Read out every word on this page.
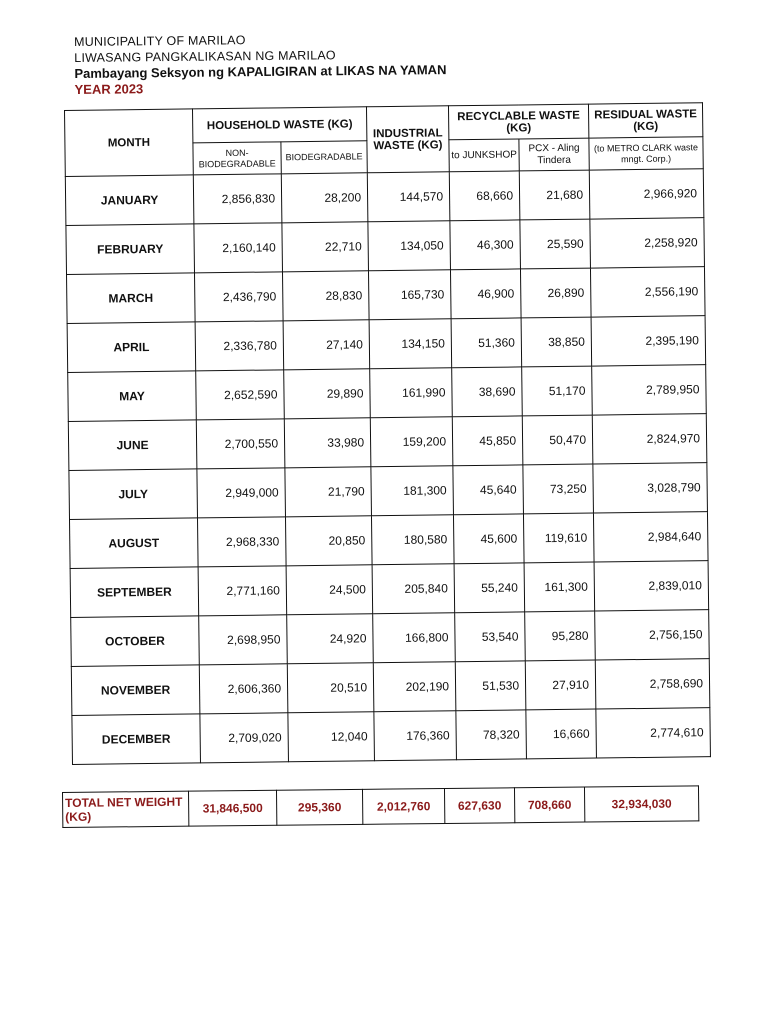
MUNICIPALITY OF MARILAO
LIWASANG PANGKALIKASAN NG MARILAO
Pambayang Seksyon ng KAPALIGIRAN at LIKAS NA YAMAN
YEAR 2023
MONTH	HOUSEHOLD WASTE (KG)		INDUSTRIAL WASTE (KG)	RECYCLABLE WASTE (KG)		RESIDUAL WASTE (KG)
	NON-BIODEGRADABLE	BIODEGRADABLE		to JUNKSHOP	PCX - Aling Tindera	(to METRO CLARK waste mngt. Corp.)
JANUARY	2,856,830	28,200	144,570	68,660	21,680	2,966,920
FEBRUARY	2,160,140	22,710	134,050	46,300	25,590	2,258,920
MARCH	2,436,790	28,830	165,730	46,900	26,890	2,556,190
APRIL	2,336,780	27,140	134,150	51,360	38,850	2,395,190
MAY	2,652,590	29,890	161,990	38,690	51,170	2,789,950
JUNE	2,700,550	33,980	159,200	45,850	50,470	2,824,970
JULY	2,949,000	21,790	181,300	45,640	73,250	3,028,790
AUGUST	2,968,330	20,850	180,580	45,600	119,610	2,984,640
SEPTEMBER	2,771,160	24,500	205,840	55,240	161,300	2,839,010
OCTOBER	2,698,950	24,920	166,800	53,540	95,280	2,756,150
NOVEMBER	2,606,360	20,510	202,190	51,530	27,910	2,758,690
DECEMBER	2,709,020	12,040	176,360	78,320	16,660	2,774,610
TOTAL NET WEIGHT (KG)	31,846,500	295,360	2,012,760	627,630	708,660	32,934,030
